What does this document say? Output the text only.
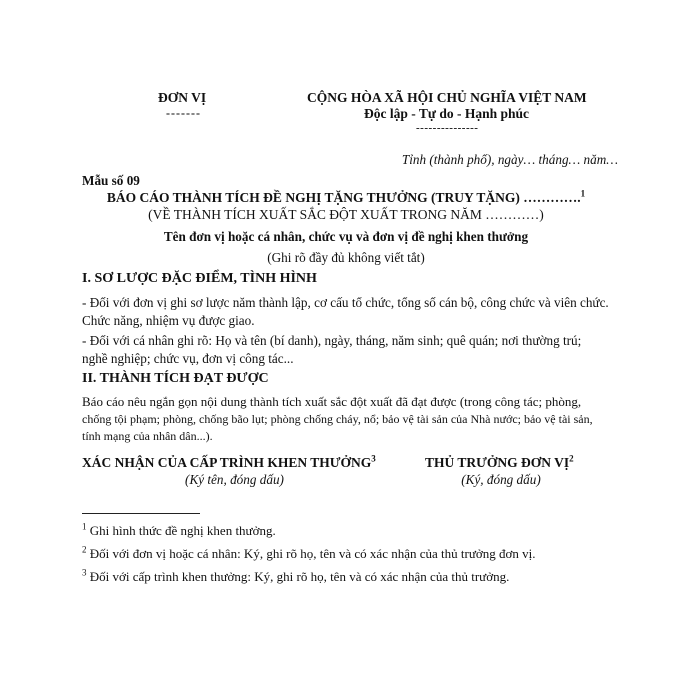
ĐƠN VỊ
-------
CỘNG HÒA XÃ HỘI CHỦ NGHĨA VIỆT NAM
Độc lập - Tự do - Hạnh phúc
---------------
Tỉnh (thành phố), ngày… tháng… năm…
Mẫu số 09
BÁO CÁO THÀNH TÍCH ĐỀ NGHỊ TẶNG THƯỞNG (TRUY TẶNG) ………….$^1$
(VỀ THÀNH TÍCH XUẤT SẮC ĐỘT XUẤT TRONG NĂM …………)
Tên đơn vị hoặc cá nhân, chức vụ và đơn vị đề nghị khen thưởng
(Ghi rõ đầy đủ không viết tắt)
I. SƠ LƯỢC ĐẶC ĐIỂM, TÌNH HÌNH
- Đối với đơn vị ghi sơ lược năm thành lập, cơ cấu tổ chức, tổng số cán bộ, công chức và viên chức. Chức năng, nhiệm vụ được giao.
- Đối với cá nhân ghi rõ: Họ và tên (bí danh), ngày, tháng, năm sinh; quê quán; nơi thường trú; nghề nghiệp; chức vụ, đơn vị công tác...
II. THÀNH TÍCH ĐẠT ĐƯỢC
Báo cáo nêu ngắn gọn nội dung thành tích xuất sắc đột xuất đã đạt được (trong công tác; phòng,
chống tội phạm; phòng, chống bão lụt; phòng chống cháy, nổ; bảo vệ tài sản của Nhà nước; bảo vệ tài sản, tính mạng của nhân dân...).
XÁC NHẬN CỦA CẤP TRÌNH KHEN THƯỞNG$^3$
(Ký tên, đóng dấu)
THỦ TRƯỞNG ĐƠN VỊ$^2$
(Ký, đóng dấu)
$^1$ Ghi hình thức đề nghị khen thưởng.
$^2$ Đối với đơn vị hoặc cá nhân: Ký, ghi rõ họ, tên và có xác nhận của thủ trưởng đơn vị.
$^3$ Đối với cấp trình khen thưởng: Ký, ghi rõ họ, tên và có xác nhận của thủ trưởng.
